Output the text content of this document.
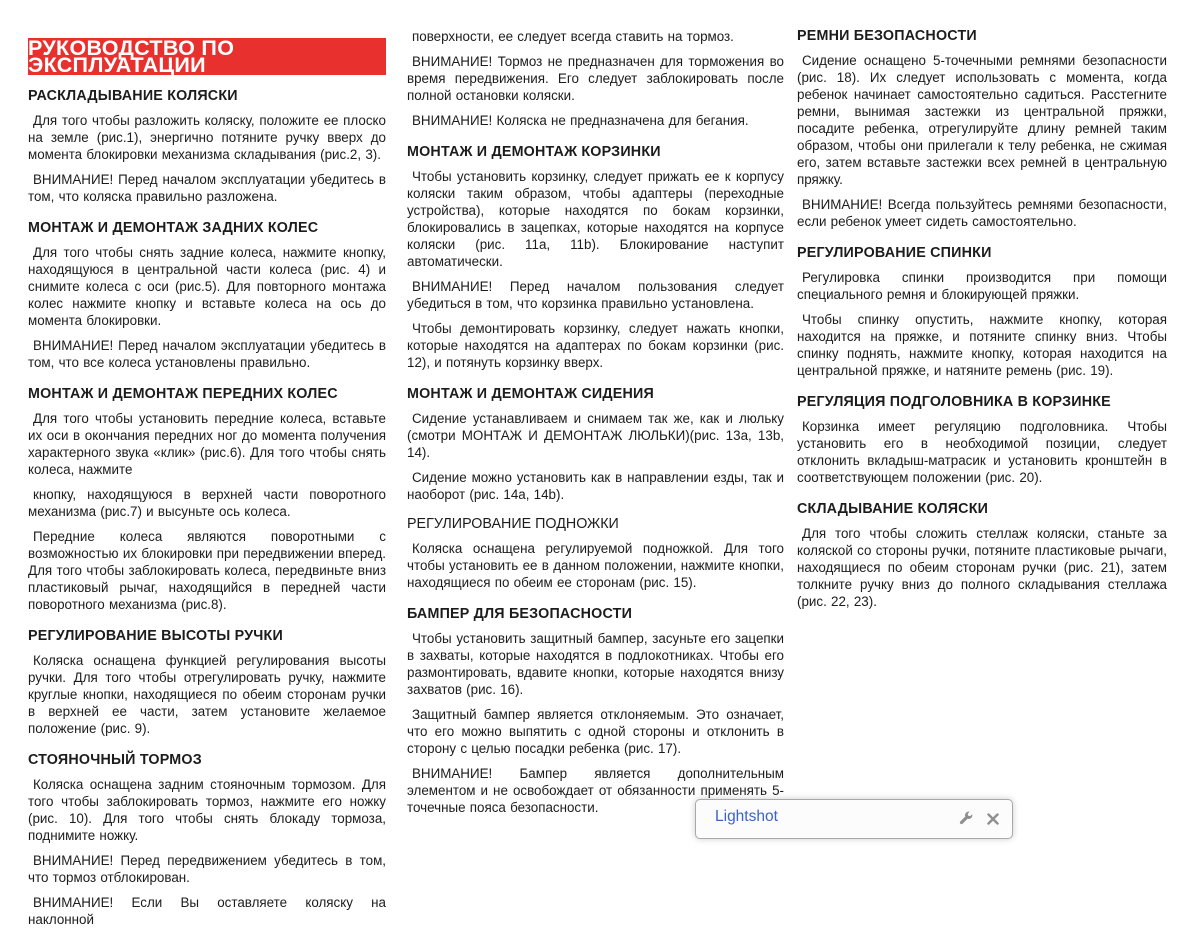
РУКОВОДСТВО ПО ЭКСПЛУАТАЦИИ
РАСКЛАДЫВАНИЕ КОЛЯСКИ
Для того чтобы разложить коляску, положите ее плоско на земле (рис.1), энергично потяните ручку вверх до момента блокировки механизма складывания (рис.2, 3).
ВНИМАНИЕ! Перед началом эксплуатации убедитесь в том, что коляска правильно разложена.
МОНТАЖ И ДЕМОНТАЖ ЗАДНИХ КОЛЕС
Для того чтобы снять задние колеса, нажмите кнопку, находящуюся в центральной части колеса (рис. 4) и снимите колеса с оси (рис.5). Для повторного монтажа колес нажмите кнопку и вставьте колеса на ось до момента блокировки.
ВНИМАНИЕ! Перед началом эксплуатации убедитесь в том, что все колеса установлены правильно.
МОНТАЖ И ДЕМОНТАЖ ПЕРЕДНИХ КОЛЕС
Для того чтобы установить передние колеса, вставьте их оси в окончания передних ног до момента получения характерного звука «клик» (рис.6). Для того чтобы снять колеса, нажмите
кнопку, находящуюся в верхней части поворотного механизма (рис.7) и высуньте ось колеса.
Передние колеса являются поворотными с возможностью их блокировки при передвижении вперед. Для того чтобы заблокировать колеса, передвиньте вниз пластиковый рычаг, находящийся в передней части поворотного механизма (рис.8).
РЕГУЛИРОВАНИЕ ВЫСОТЫ РУЧКИ
Коляска оснащена функцией регулирования высоты ручки. Для того чтобы отрегулировать ручку, нажмите круглые кнопки, находящиеся по обеим сторонам ручки в верхней ее части, затем установите желаемое положение (рис. 9).
СТОЯНОЧНЫЙ ТОРМОЗ
Коляска оснащена задним стояночным тормозом. Для того чтобы заблокировать тормоз, нажмите его ножку (рис. 10). Для того чтобы снять блокаду тормоза, поднимите ножку.
ВНИМАНИЕ! Перед передвижением убедитесь в том, что тормоз отблокирован.
ВНИМАНИЕ! Если Вы оставляете коляску на наклонной
поверхности, ее следует всегда ставить на тормоз.
ВНИМАНИЕ! Тормоз не предназначен для торможения во время передвижения. Его следует заблокировать после полной остановки коляски.
ВНИМАНИЕ! Коляска не предназначена для бегания.
МОНТАЖ И ДЕМОНТАЖ КОРЗИНКИ
Чтобы установить корзинку, следует прижать ее к корпусу коляски таким образом, чтобы адаптеры (переходные устройства), которые находятся по бокам корзинки, блокировались в зацепках, которые находятся на корпусе коляски (рис. 11a, 11b). Блокирование наступит автоматически.
ВНИМАНИЕ! Перед началом пользования следует убедиться в том, что корзинка правильно установлена.
Чтобы демонтировать корзинку, следует нажать кнопки, которые находятся на адаптерах по бокам корзинки (рис. 12), и потянуть корзинку вверх.
МОНТАЖ И ДЕМОНТАЖ СИДЕНИЯ
Сидение устанавливаем и снимаем так же, как и люльку (смотри МОНТАЖ И ДЕМОНТАЖ ЛЮЛЬКИ)(рис. 13a, 13b, 14).
Сидение можно установить как в направлении езды, так и наоборот (рис. 14a, 14b).
РЕГУЛИРОВАНИЕ ПОДНОЖКИ
Коляска оснащена регулируемой подножкой. Для того чтобы установить ее в данном положении, нажмите кнопки, находящиеся по обеим ее сторонам (рис. 15).
БАМПЕР ДЛЯ БЕЗОПАСНОСТИ
Чтобы установить защитный бампер, засуньте его зацепки в захваты, которые находятся в подлокотниках. Чтобы его размонтировать, вдавите кнопки, которые находятся внизу захватов (рис. 16).
Защитный бампер является отклоняемым. Это означает, что его можно выпятить с одной стороны и отклонить в сторону с целью посадки ребенка (рис. 17).
ВНИМАНИЕ! Бампер является дополнительным элементом и не освобождает от обязанности применять 5-точечные пояса безопасности.
РЕМНИ БЕЗОПАСНОСТИ
Сидение оснащено 5-точечными ремнями безопасности (рис. 18). Их следует использовать с момента, когда ребенок начинает самостоятельно садиться. Расстегните ремни, вынимая застежки из центральной пряжки, посадите ребенка, отрегулируйте длину ремней таким образом, чтобы они прилегали к телу ребенка, не сжимая его, затем вставьте застежки всех ремней в центральную пряжку.
ВНИМАНИЕ! Всегда пользуйтесь ремнями безопасности, если ребенок умеет сидеть самостоятельно.
РЕГУЛИРОВАНИЕ СПИНКИ
Регулировка спинки производится при помощи специального ремня и блокирующей пряжки.
Чтобы спинку опустить, нажмите кнопку, которая находится на пряжке, и потяните спинку вниз. Чтобы спинку поднять, нажмите кнопку, которая находится на центральной пряжке, и натяните ремень (рис. 19).
РЕГУЛЯЦИЯ ПОДГОЛОВНИКА В КОРЗИНКЕ
Корзинка имеет регуляцию подголовника. Чтобы установить его в необходимой позиции, следует отклонить вкладыш-матрасик и установить кронштейн в соответствующем положении (рис. 20).
СКЛАДЫВАНИЕ КОЛЯСКИ
Для того чтобы сложить стеллаж коляски, станьте за коляской со стороны ручки, потяните пластиковые рычаги, находящиеся по обеим сторонам ручки (рис. 21), затем толкните ручку вниз до полного складывания стеллажа (рис. 22, 23).
Lightshot
